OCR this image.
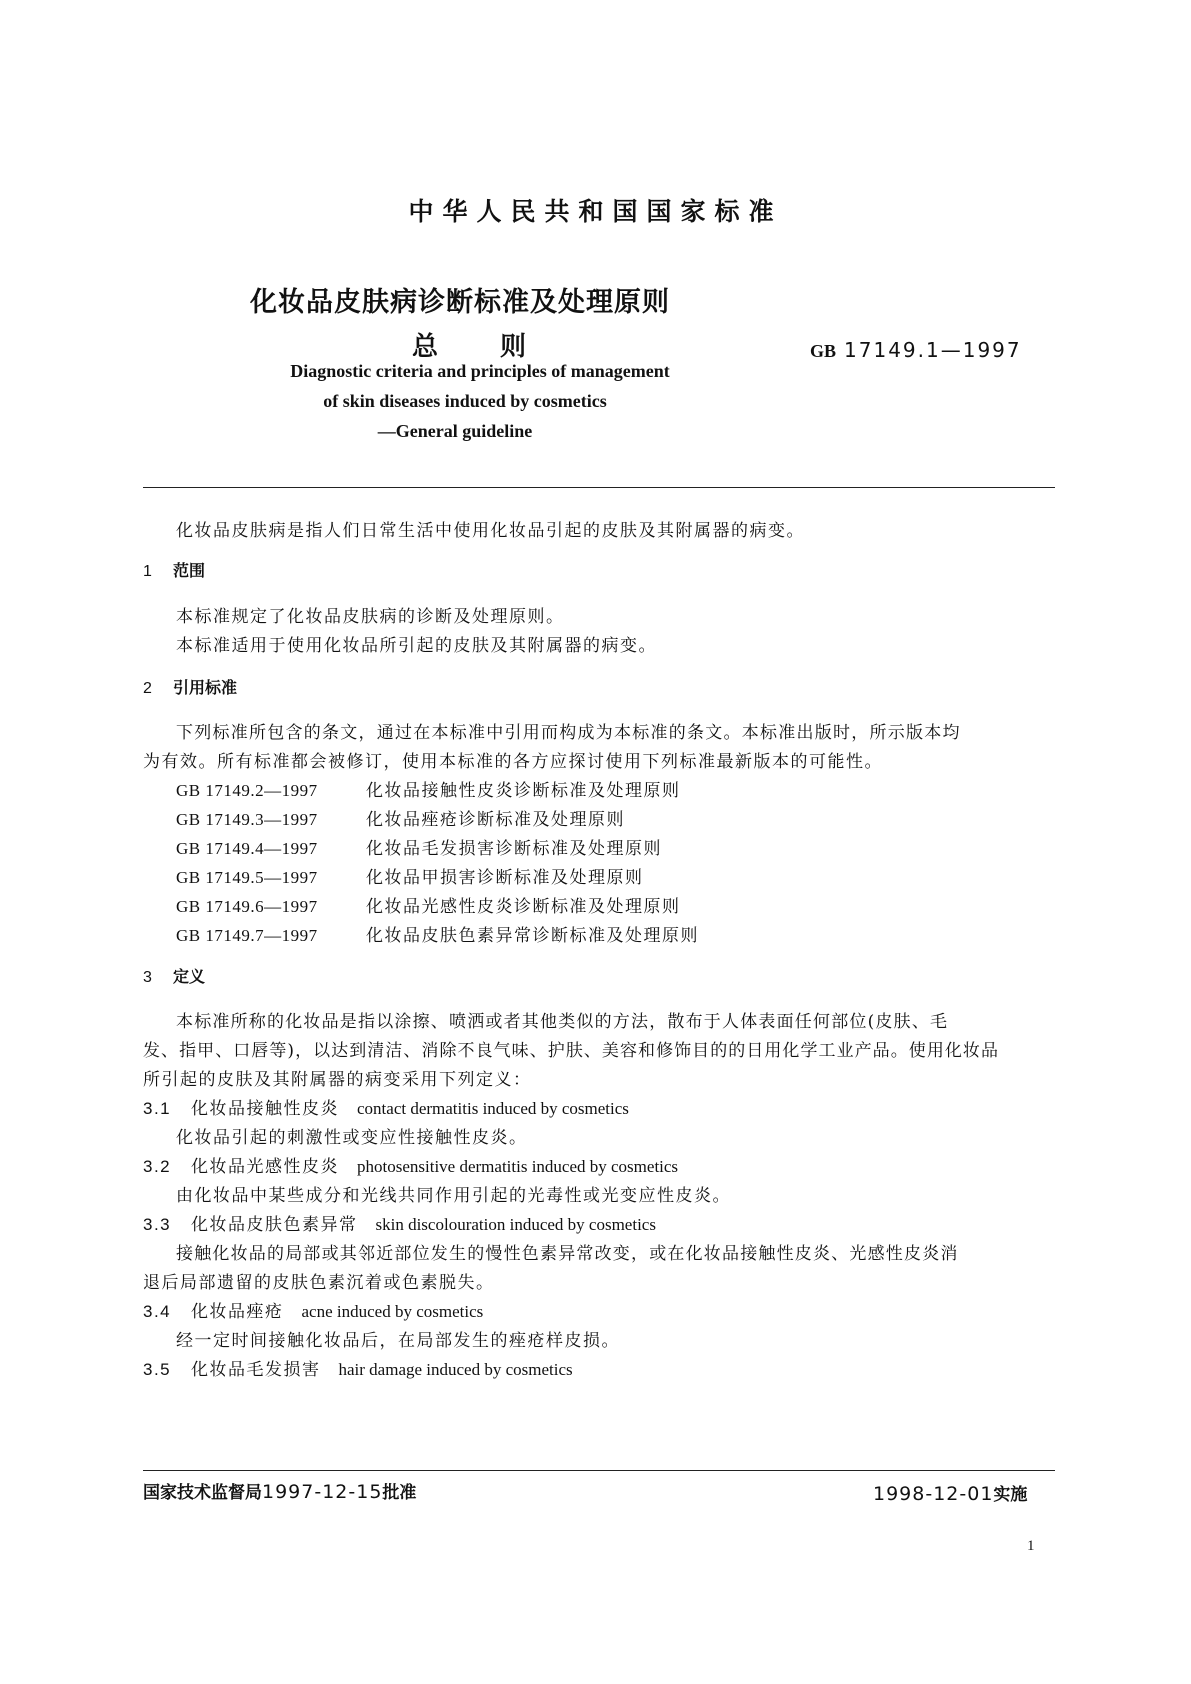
中华人民共和国国家标准
化妆品皮肤病诊断标准及处理原则
总则	GB 17149.1—1997
Diagnostic criteria and principles of management
of skin diseases induced by cosmetics
—General guideline
化妆品皮肤病是指人们日常生活中使用化妆品引起的皮肤及其附属器的病变。
1 范围
本标准规定了化妆品皮肤病的诊断及处理原则。
本标准适用于使用化妆品所引起的皮肤及其附属器的病变。
2 引用标准
下列标准所包含的条文，通过在本标准中引用而构成为本标准的条文。本标准出版时，所示版本均
为有效。所有标准都会被修订，使用本标准的各方应探讨使用下列标准最新版本的可能性。
GB 17149.2—1997	化妆品接触性皮炎诊断标准及处理原则
GB 17149.3—1997	化妆品痤疮诊断标准及处理原则
GB 17149.4—1997	化妆品毛发损害诊断标准及处理原则
GB 17149.5—1997	化妆品甲损害诊断标准及处理原则
GB 17149.6—1997	化妆品光感性皮炎诊断标准及处理原则
GB 17149.7—1997	化妆品皮肤色素异常诊断标准及处理原则
3 定义
本标准所称的化妆品是指以涂擦、喷洒或者其他类似的方法，散布于人体表面任何部位(皮肤、毛
发、指甲、口唇等)，以达到清洁、消除不良气味、护肤、美容和修饰目的的日用化学工业产品。使用化妆品
所引起的皮肤及其附属器的病变采用下列定义：
3.1 化妆品接触性皮炎 contact dermatitis induced by cosmetics
化妆品引起的刺激性或变应性接触性皮炎。
3.2 化妆品光感性皮炎 photosensitive dermatitis induced by cosmetics
由化妆品中某些成分和光线共同作用引起的光毒性或光变应性皮炎。
3.3 化妆品皮肤色素异常 skin discolouration induced by cosmetics
接触化妆品的局部或其邻近部位发生的慢性色素异常改变，或在化妆品接触性皮炎、光感性皮炎消
退后局部遗留的皮肤色素沉着或色素脱失。
3.4 化妆品痤疮 acne induced by cosmetics
经一定时间接触化妆品后，在局部发生的痤疮样皮损。
3.5 化妆品毛发损害 hair damage induced by cosmetics
国家技术监督局1997-12-15批准	1998-12-01实施
1
